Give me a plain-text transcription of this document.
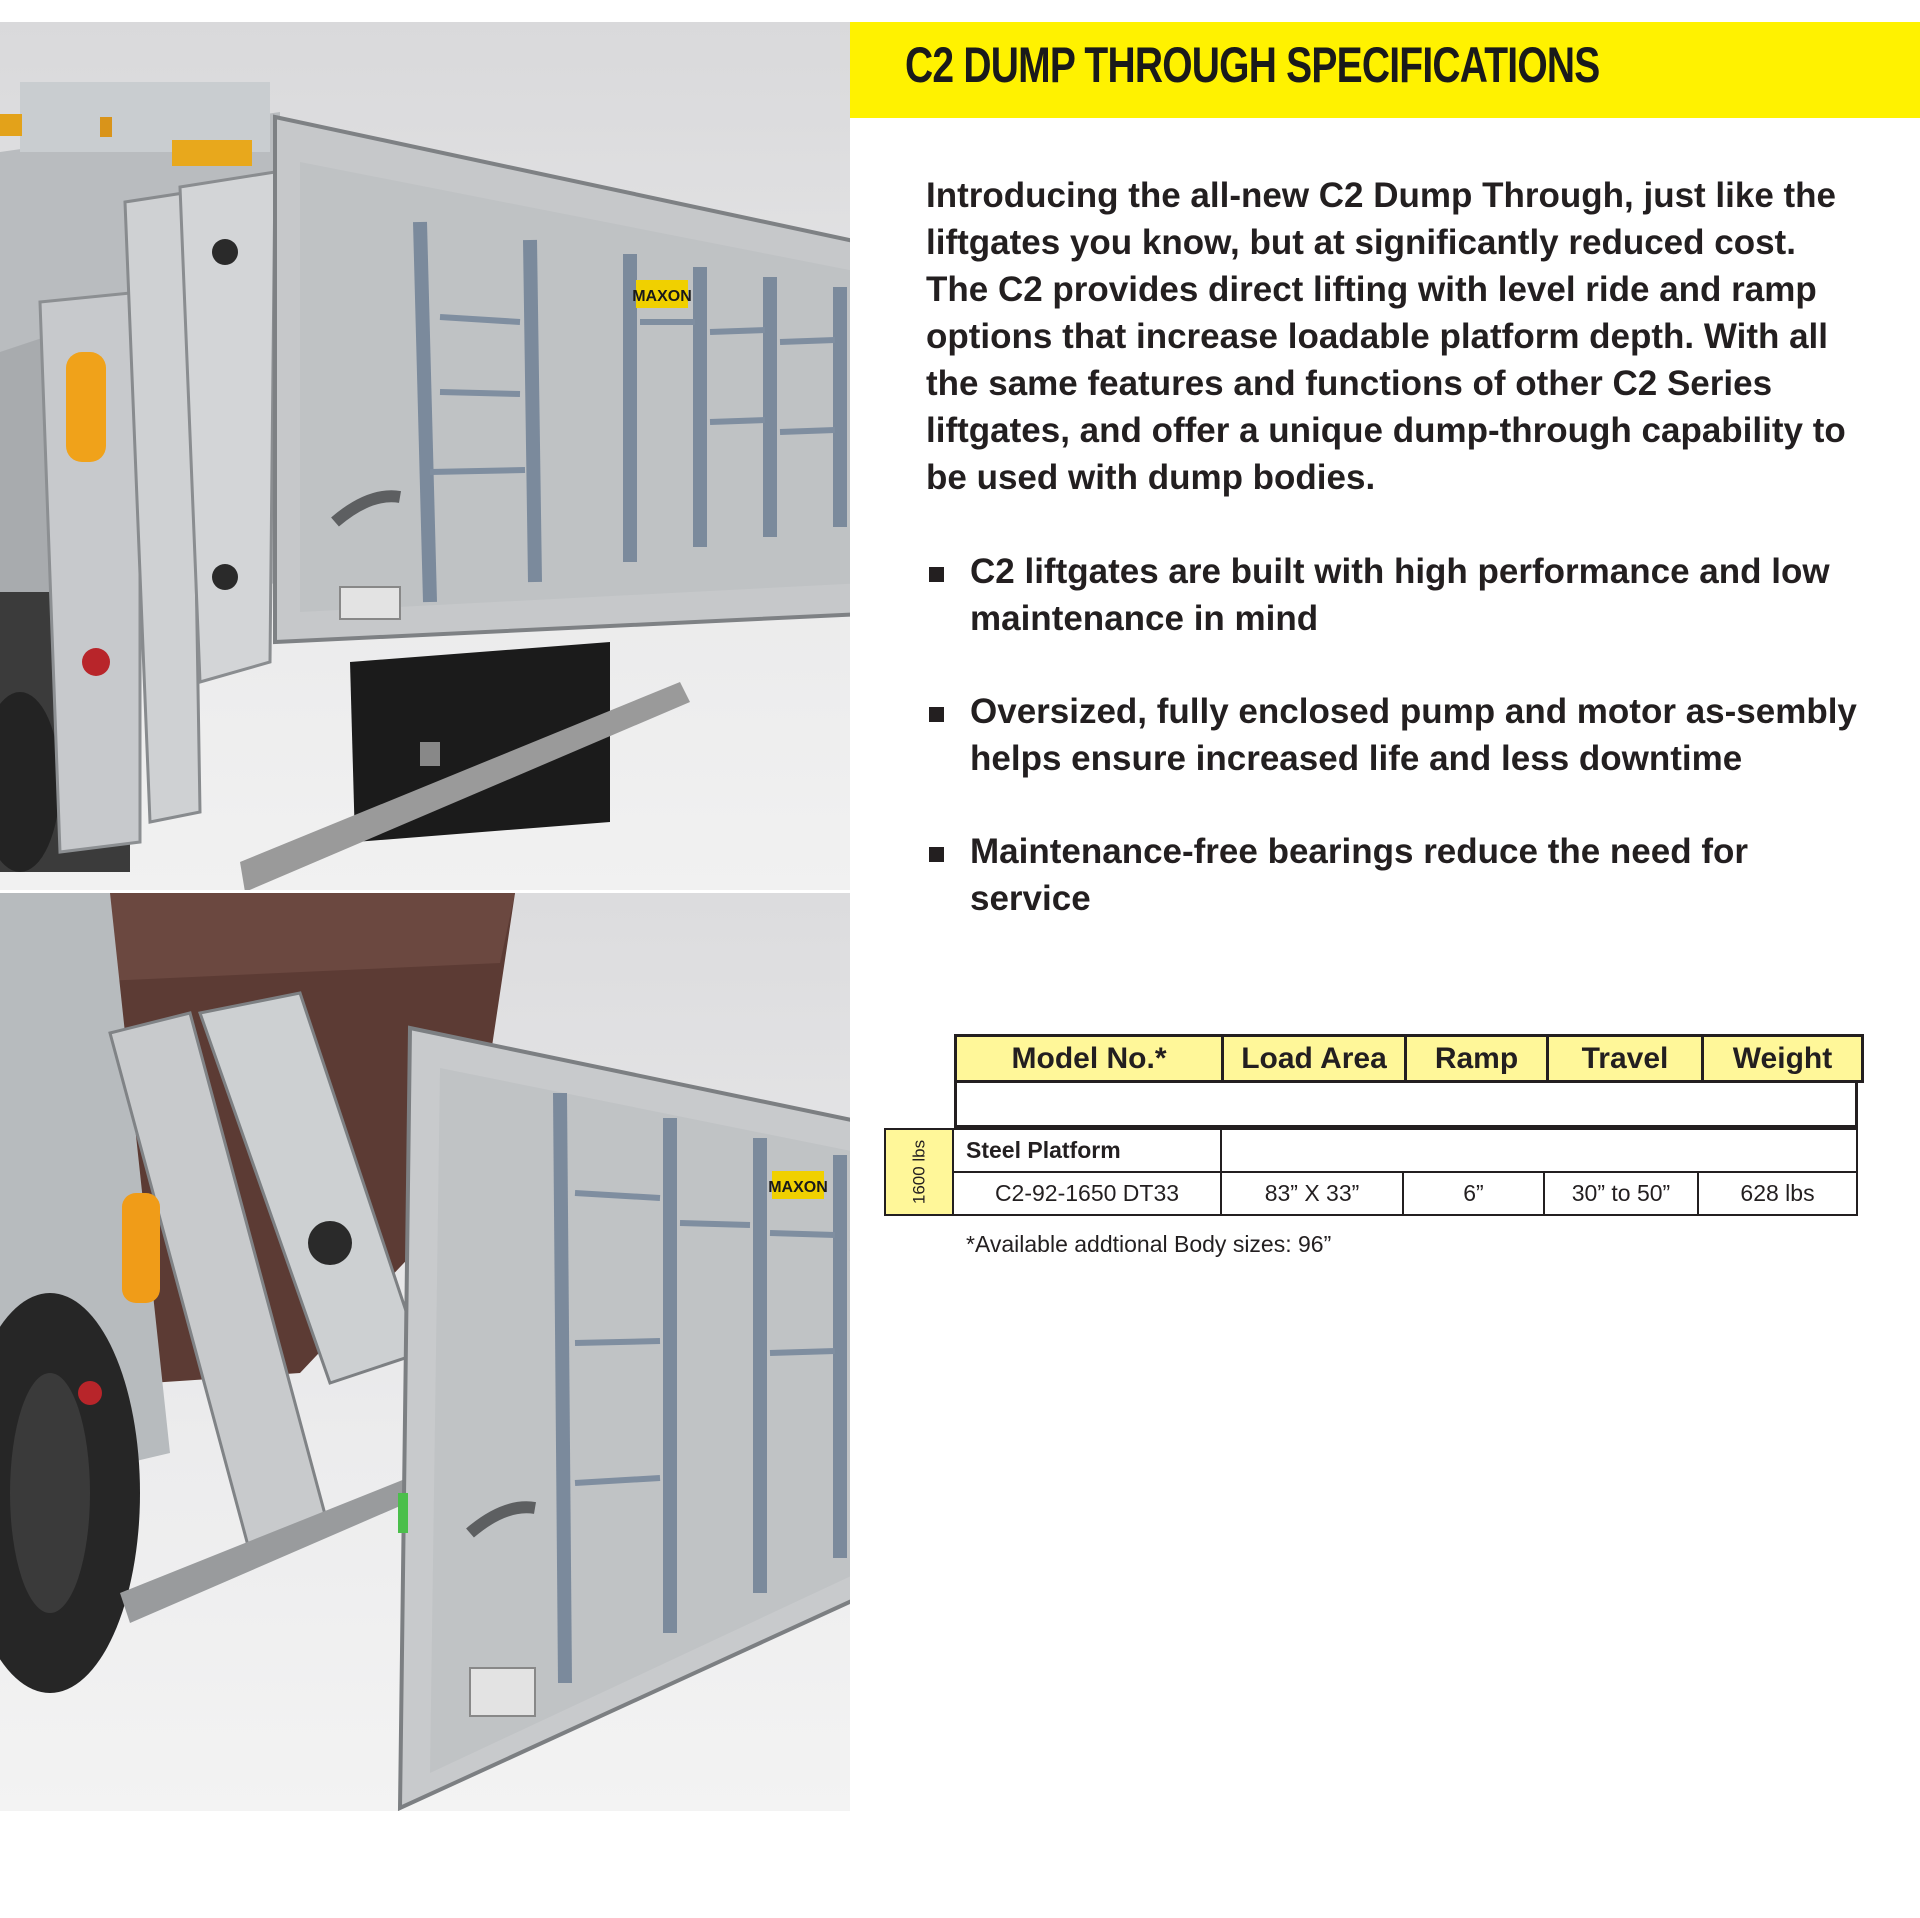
MAXON
MAXON
C2 DUMP THROUGH SPECIFICATIONS

Introducing the all-new C2 Dump Through, just like the liftgates you know, but at significantly reduced cost. The C2 provides direct lifting with level ride and ramp options that increase loadable platform depth. With all the same features and functions of other C2 Series liftgates, and offer a unique dump-through capability to be used with dump bodies.

C2 liftgates are built with high performance and low maintenance in mind
Oversized, fully enclosed pump and motor as-sembly helps ensure increased life and less downtime
Maintenance-free bearings reduce the need for service
Model No.*	Load Area	Ramp	Travel	Weight
1600 lbs	Steel Platform				
	C2-92-1650 DT33	83” X 33”	6”	30” to 50”	628 lbs
*Available addtional Body sizes: 96”
